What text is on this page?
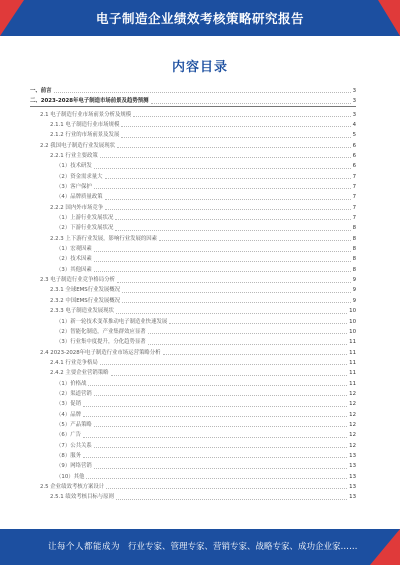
电子制造企业绩效考核策略研究报告
内容目录
一、前言	3
二、2023-2028年电子制造市场前景及趋势预测	3
2.1 电子制造行业市场前景分析及规模	3
2.1.1 电子制造行业市场规模	4
2.1.2 行业的市场前景及发展	5
2.2 我国电子制造行业发展现状	6
2.2.1 行业主要政策	6
（1）技术研发	6
（2）资金需求量大	7
（3）客户保护	7
（4）品牌质量政策	7
2.2.2 国内外市场竞争	7
（1）上游行业发展状况	7
（2）下游行业发展状况	8
2.2.3 上下游行业发展，影响行业发展的因素	8
（1）宏观因素	8
（2）技术因素	8
（3）其他因素	8
2.3 电子制造行业竞争格局分析	9
2.3.1 全球EMS行业发展概况	9
2.3.2 中国EMS行业发展概况	9
2.3.3 电子制造业发展现状	10
（1）新一轮技术变革推动电子制造业快速发展	10
（2）智能化制造，产业集群效应显著	10
（3）行业集中度提升，分化趋势显著	11
2.4 2023-2028年电子制造行业市场运营策略分析	11
2.4.1 行业竞争格局	11
2.4.2 主要企业营销策略	11
（1）价格战	11
（2）渠道营销	12
（3）促销	12
（4）品牌	12
（5）产品策略	12
（6）广告	12
（7）公共关系	12
（8）服务	13
（9）网络营销	13
（10）其他	13
2.5 企业绩效考核方案设计	13
2.5.1 绩效考核目标与原则	13
让每个人都能成为 行业专家、管理专家、营销专家、战略专家、成功企业家……
